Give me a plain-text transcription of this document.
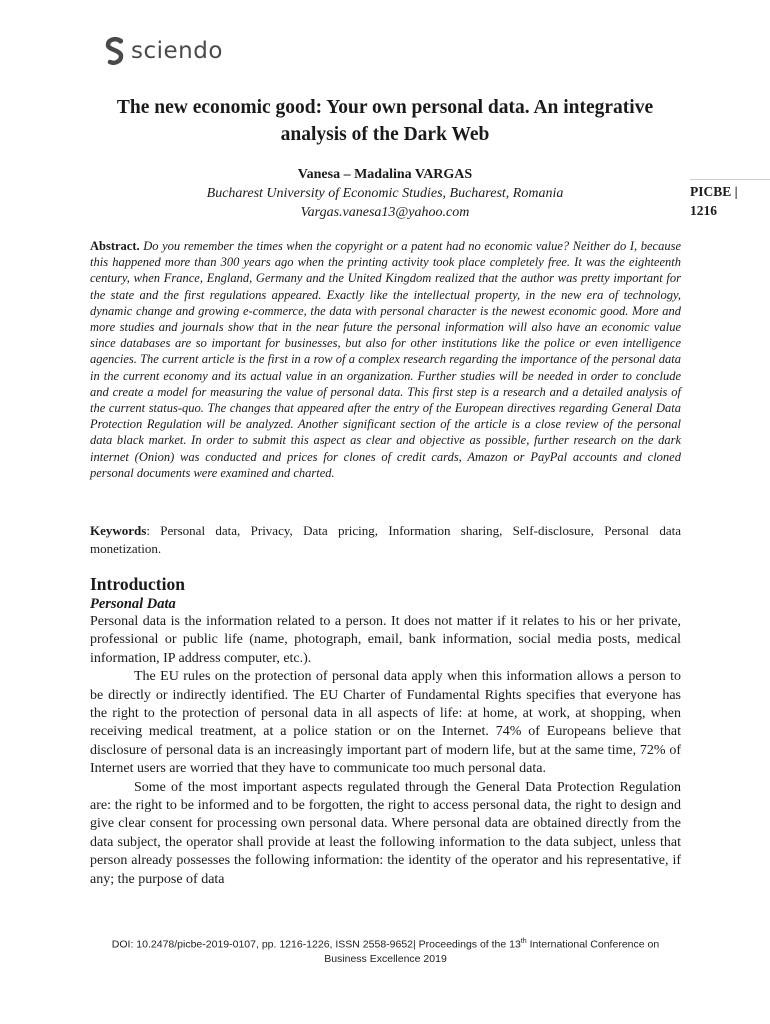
sciendo
The new economic good: Your own personal data. An integrative analysis of the Dark Web
Vanesa – Madalina VARGAS
Bucharest University of Economic Studies, Bucharest, Romania
Vargas.vanesa13@yahoo.com
PICBE | 1216

Abstract. Do you remember the times when the copyright or a patent had no economic value? Neither do I, because this happened more than 300 years ago when the printing activity took place completely free. It was the eighteenth century, when France, England, Germany and the United Kingdom realized that the author was pretty important for the state and the first regulations appeared. Exactly like the intellectual property, in the new era of technology, dynamic change and growing e-commerce, the data with personal character is the newest economic good. More and more studies and journals show that in the near future the personal information will also have an economic value since databases are so important for businesses, but also for other institutions like the police or even intelligence agencies. The current article is the first in a row of a complex research regarding the importance of the personal data in the current economy and its actual value in an organization. Further studies will be needed in order to conclude and create a model for measuring the value of personal data. This first step is a research and a detailed analysis of the current status-quo. The changes that appeared after the entry of the European directives regarding General Data Protection Regulation will be analyzed. Another significant section of the article is a close review of the personal data black market. In order to submit this aspect as clear and objective as possible, further research on the dark internet (Onion) was conducted and prices for clones of credit cards, Amazon or PayPal accounts and cloned personal documents were examined and charted.

Keywords: Personal data, Privacy, Data pricing, Information sharing, Self-disclosure, Personal data monetization.

Introduction
Personal Data

Personal data is the information related to a person. It does not matter if it relates to his or her private, professional or public life (name, photograph, email, bank information, social media posts, medical information, IP address computer, etc.).

The EU rules on the protection of personal data apply when this information allows a person to be directly or indirectly identified. The EU Charter of Fundamental Rights specifies that everyone has the right to the protection of personal data in all aspects of life: at home, at work, at shopping, when receiving medical treatment, at a police station or on the Internet. 74% of Europeans believe that disclosure of personal data is an increasingly important part of modern life, but at the same time, 72% of Internet users are worried that they have to communicate too much personal data.

Some of the most important aspects regulated through the General Data Protection Regulation are: the right to be informed and to be forgotten, the right to access personal data, the right to design and give clear consent for processing own personal data. Where personal data are obtained directly from the data subject, the operator shall provide at least the following information to the data subject, unless that person already possesses the following information: the identity of the operator and his representative, if any; the purpose of data

DOI: 10.2478/picbe-2019-0107, pp. 1216-1226, ISSN 2558-9652| Proceedings of the 13th International Conference on Business Excellence 2019
